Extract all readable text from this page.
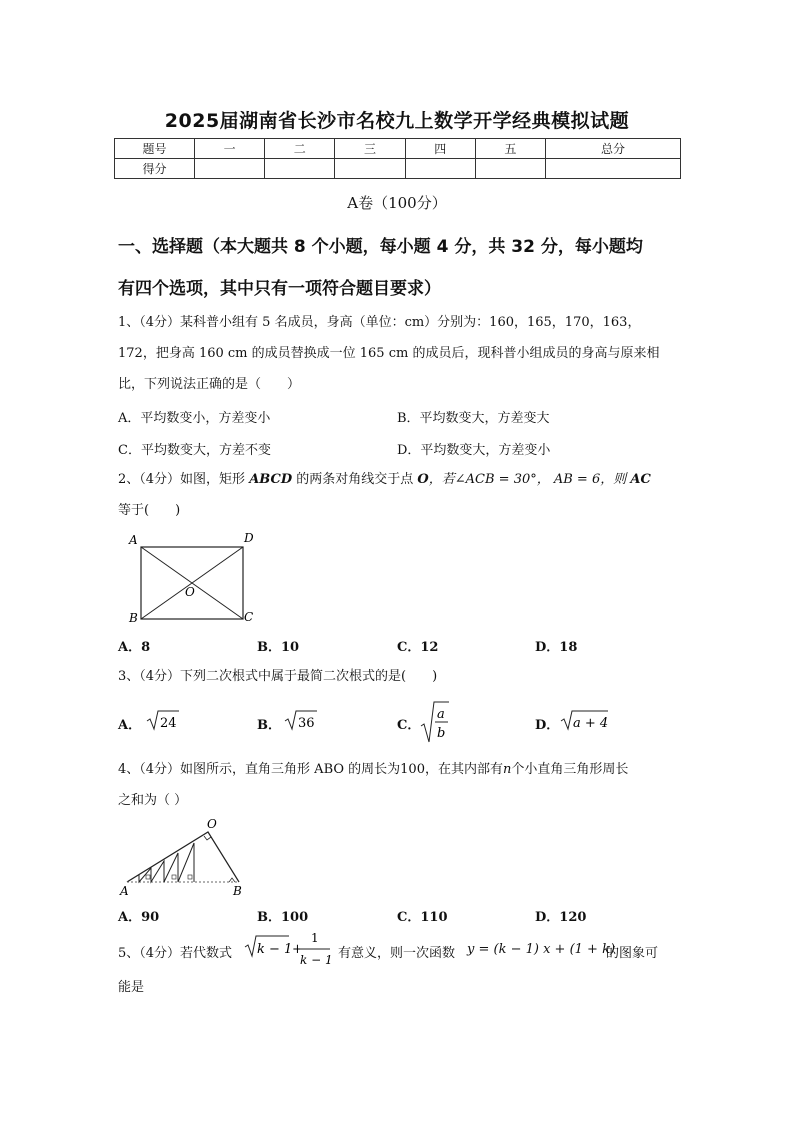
2025届湖南省长沙市名校九上数学开学经典模拟试题
题号	一	二	三	四	五	总分
得分						
A卷（100分）
一、选择题（本大题共 8 个小题，每小题 4 分，共 32 分，每小题均
有四个选项，其中只有一项符合题目要求）
1、（4分）某科普小组有 5 名成员，身高（单位：cm）分别为：160，165，170，163，
172，把身高 160 cm 的成员替换成一位 165 cm 的成员后，现科普小组成员的身高与原来相
比，下列说法正确的是（　　）
A．平均数变小，方差变小	B．平均数变大，方差变大
C．平均数变大，方差不变	D．平均数变大，方差变小
2、（4分）如图，矩形 ABCD 的两条对角线交于点 O，若∠ACB = 30°， AB = 6，则 AC
等于(　　)
A	D
B	C
O
A．8	B．10	C．12	D．18
3、（4分）下列二次根式中属于最简二次根式的是(　　)
A． 24	B． 36	C．
a
b
D． a + 4
4、（4分）如图所示，直角三角形 ABO 的周长为100，在其内部有n个小直角三角形周长
之和为（ ）
O
A	B
A．90	B．100	C．110	D．120
5、（4分）若代数式 k − 1 +
1
k − 1 有意义，则一次函数 y = (k − 1) x + (1 + k)
的图象可
能是
